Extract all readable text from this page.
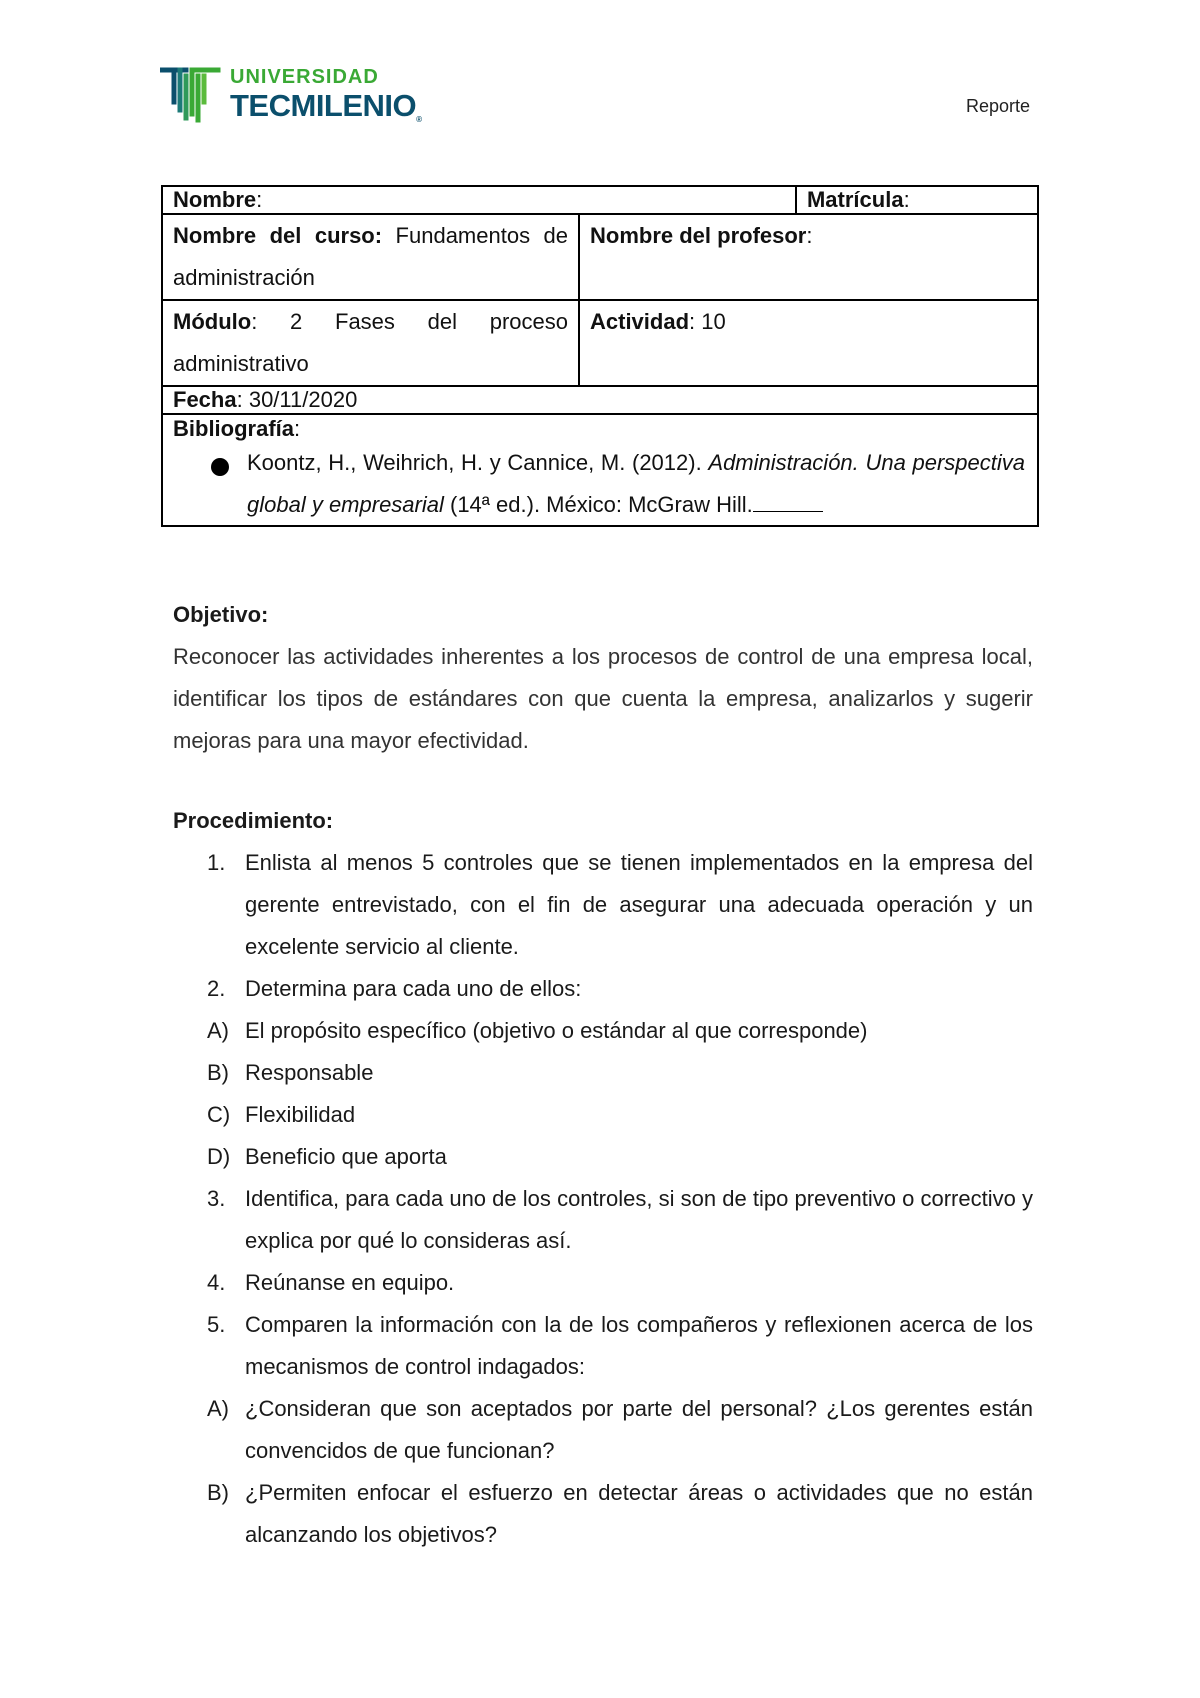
UNIVERSIDAD
TECMILENIO®
Reporte
Nombre:		Matrícula:
Nombre del curso: Fundamentos de administración	Nombre del profesor:	
Módulo: 2 Fases del proceso administrativo	Actividad: 10	
Fecha: 30/11/2020		

Bibliografía:
Koontz, H., Weihrich, H. y Cannice, M. (2012). Administración. Una perspectiva global y empresarial (14ª ed.). México: McGraw Hill.		
Objetivo:

Reconocer las actividades inherentes a los procesos de control de una empresa local, identificar los tipos de estándares con que cuenta la empresa, analizarlos y sugerir mejoras para una mayor efectividad.

Procedimiento:
1. Enlista al menos 5 controles que se tienen implementados en la empresa del gerente entrevistado, con el fin de asegurar una adecuada operación y un excelente servicio al cliente.
2. Determina para cada uno de ellos:
A) El propósito específico (objetivo o estándar al que corresponde)
B) Responsable
C) Flexibilidad
D) Beneficio que aporta
3. Identifica, para cada uno de los controles, si son de tipo preventivo o correctivo y explica por qué lo consideras así.
4. Reúnanse en equipo.
5. Comparen la información con la de los compañeros y reflexionen acerca de los mecanismos de control indagados:
A) ¿Consideran que son aceptados por parte del personal? ¿Los gerentes están convencidos de que funcionan?
B) ¿Permiten enfocar el esfuerzo en detectar áreas o actividades que no están alcanzando los objetivos?
